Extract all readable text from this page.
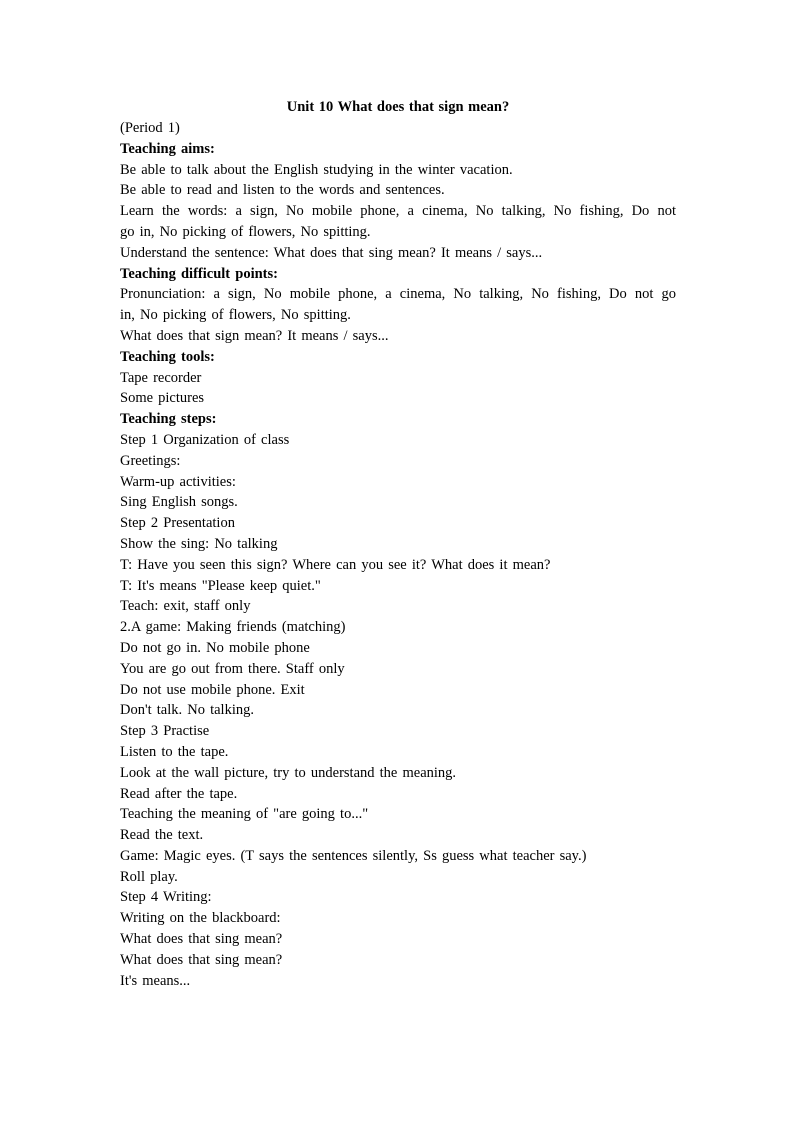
Unit 10 What does that sign mean?
(Period 1)
Teaching aims:
Be able to talk about the English studying in the winter vacation.
Be able to read and listen to the words and sentences.
Learn the words: a sign, No mobile phone, a cinema, No talking, No fishing, Do not
go in, No picking of flowers, No spitting.
Understand the sentence: What does that sing mean? It means / says...
Teaching difficult points:
Pronunciation: a sign, No mobile phone, a cinema, No talking, No fishing, Do not go
in, No picking of flowers, No spitting.
What does that sign mean? It means / says...
Teaching tools:
Tape recorder
Some pictures
Teaching steps:
Step 1 Organization of class
Greetings:
Warm-up activities:
Sing English songs.
Step 2 Presentation
Show the sing: No talking
T: Have you seen this sign? Where can you see it? What does it mean?
T: It's means "Please keep quiet."
Teach: exit, staff only
2.A game: Making friends (matching)
Do not go in. No mobile phone
You are go out from there. Staff only
Do not use mobile phone. Exit
Don't talk. No talking.
Step 3 Practise
Listen to the tape.
Look at the wall picture, try to understand the meaning.
Read after the tape.
Teaching the meaning of "are going to..."
Read the text.
Game: Magic eyes. (T says the sentences silently, Ss guess what teacher say.)
Roll play.
Step 4 Writing:
Writing on the blackboard:
What does that sing mean?
What does that sing mean?
It's means...
